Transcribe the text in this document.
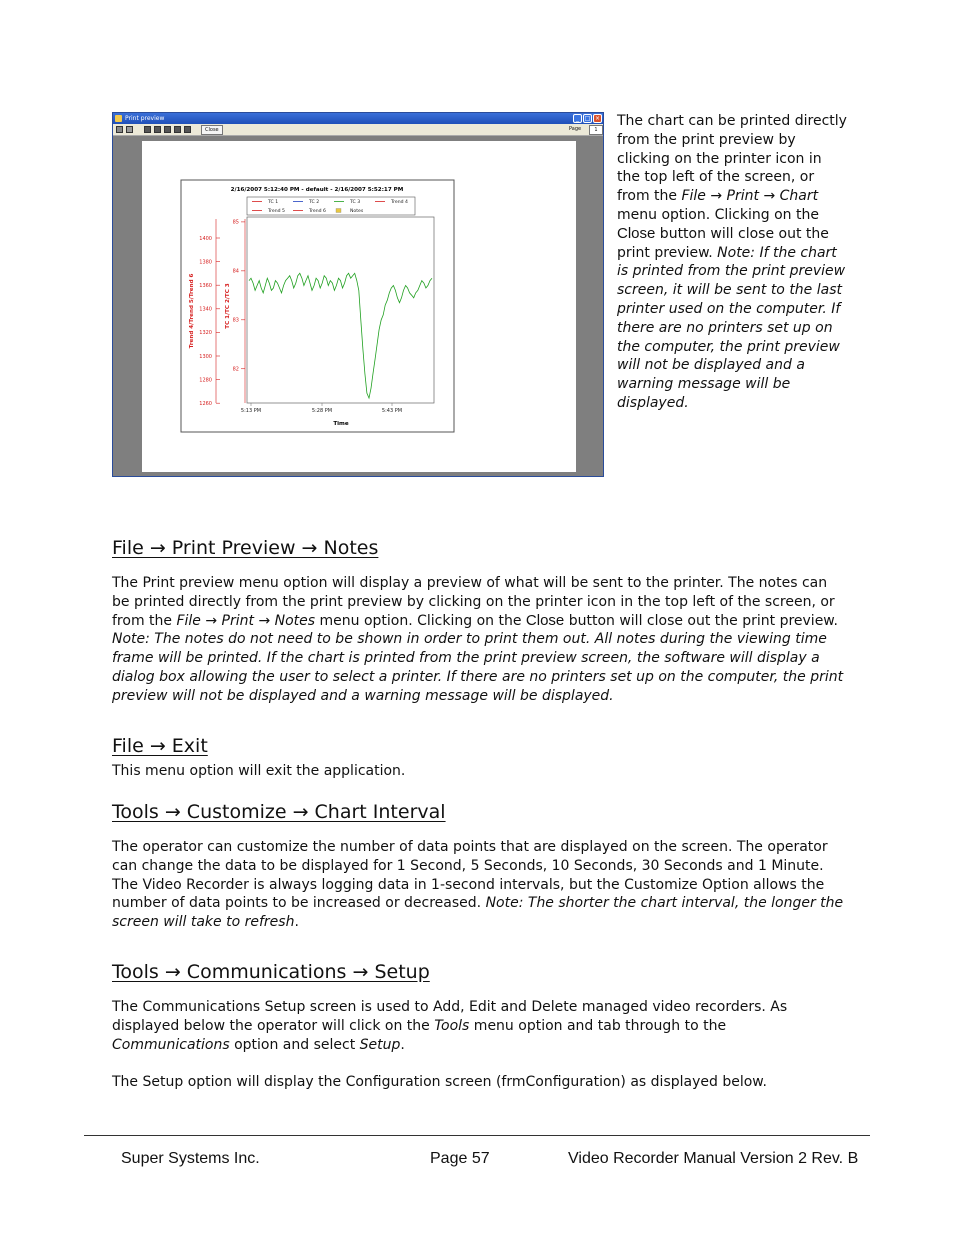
Print preview	_ □ ×
Close	Page	1
2/16/2007 5:12:40 PM - default - 2/16/2007 5:52:17 PM
TC 1	TC 2	TC 3	Trend 4
Trend 5	Trend 6	Notes
1400
1380
1360
1340
1320
1300
1280
1260
85
84
83
82
Trend 4/Trend 5/Trend 6	TC 1/TC 2/TC 3
5:13 PM	5:28 PM	5:43 PM
Time
The chart can be printed directly from the print preview by clicking on the printer icon in the top left of the screen, or from the File → Print → Chart menu option. Clicking on the Close button will close out the print preview. Note: If the chart is printed from the print preview screen, it will be sent to the last printer used on the computer. If there are no printers set up on the computer, the print preview will not be displayed and a warning message will be displayed.
File → Print Preview → Notes
The Print preview menu option will display a preview of what will be sent to the printer. The notes can be printed directly from the print preview by clicking on the printer icon in the top left of the screen, or from the File → Print → Notes menu option. Clicking on the Close button will close out the print preview.
Note: The notes do not need to be shown in order to print them out. All notes during the viewing time frame will be printed. If the chart is printed from the print preview screen, the software will display a dialog box allowing the user to select a printer. If there are no printers set up on the computer, the print preview will not be displayed and a warning message will be displayed.
File → Exit
This menu option will exit the application.
Tools → Customize → Chart Interval
The operator can customize the number of data points that are displayed on the screen. The operator can change the data to be displayed for 1 Second, 5 Seconds, 10 Seconds, 30 Seconds and 1 Minute. The Video Recorder is always logging data in 1-second intervals, but the Customize Option allows the number of data points to be increased or decreased. Note: The shorter the chart interval, the longer the screen will take to refresh.
Tools → Communications → Setup
The Communications Setup screen is used to Add, Edit and Delete managed video recorders. As displayed below the operator will click on the Tools menu option and tab through to the Communications option and select Setup.
The Setup option will display the Configuration screen (frmConfiguration) as displayed below.
Super Systems Inc.	Page 57	Video Recorder Manual Version 2 Rev. B
